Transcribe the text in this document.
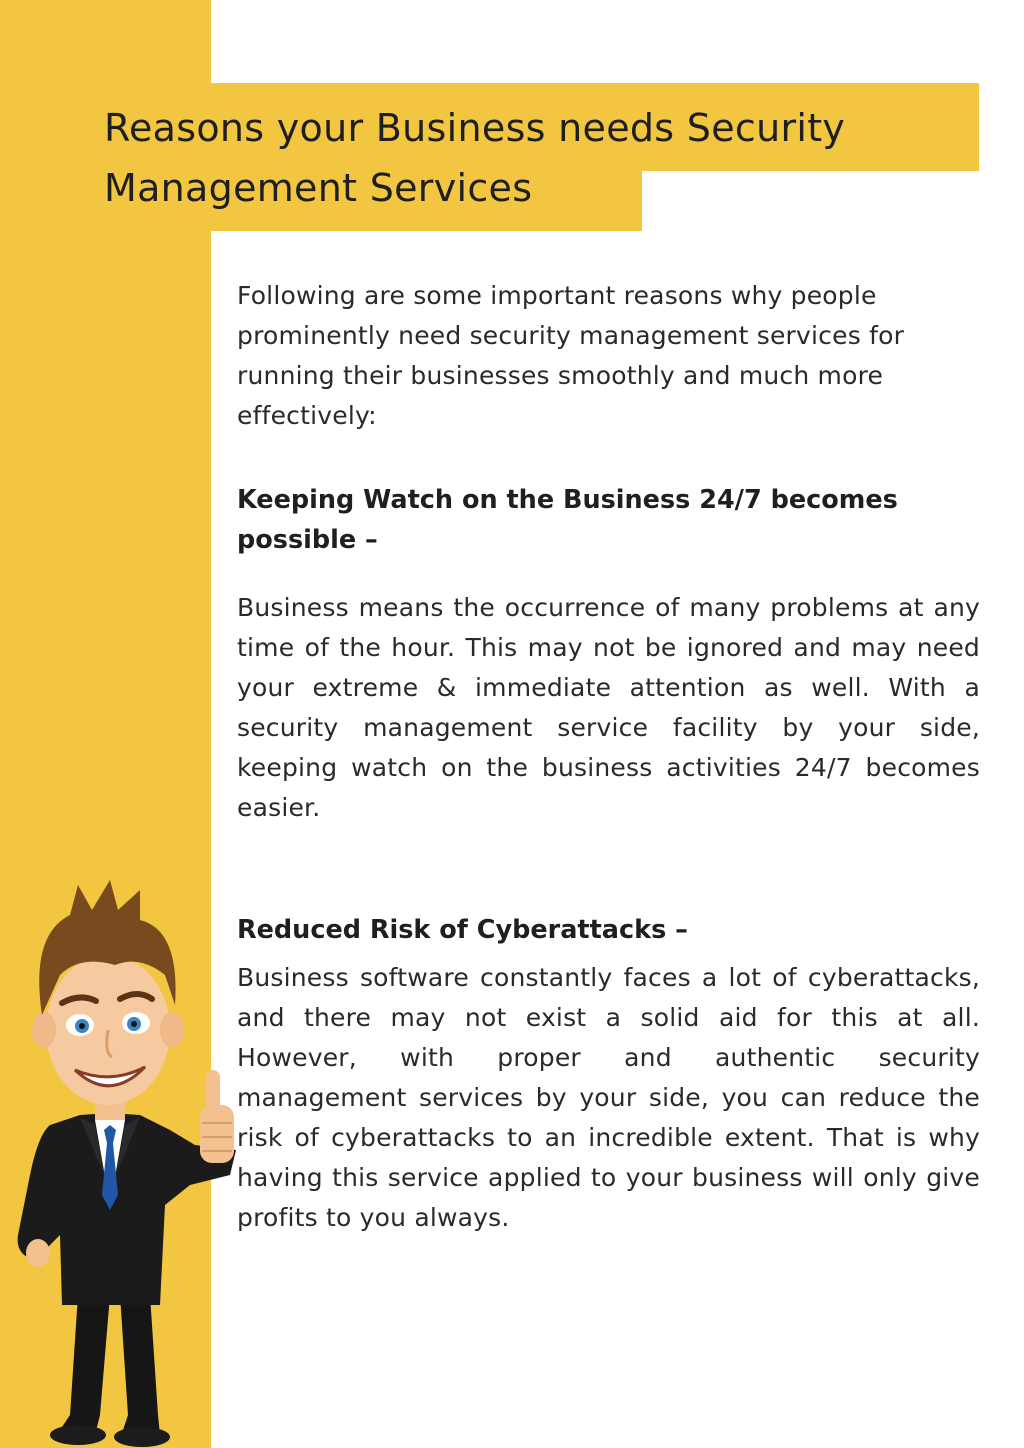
Reasons your Business needs Security Management Services

Following are some important reasons why people prominently need security management services for running their businesses smoothly and much more effectively:

Keeping Watch on the Business 24/7 becomes possible –

Business means the occurrence of many problems at any time of the hour. This may not be ignored and may need your extreme & immediate attention as well. With a security management service facility by your side, keeping watch on the business activities 24/7 becomes easier.

Reduced Risk of Cyberattacks –

Business software constantly faces a lot of cyberattacks, and there may not exist a solid aid for this at all. However, with proper and authentic security management services by your side, you can reduce the risk of cyberattacks to an incredible extent. That is why having this service applied to your business will only give profits to you always.
